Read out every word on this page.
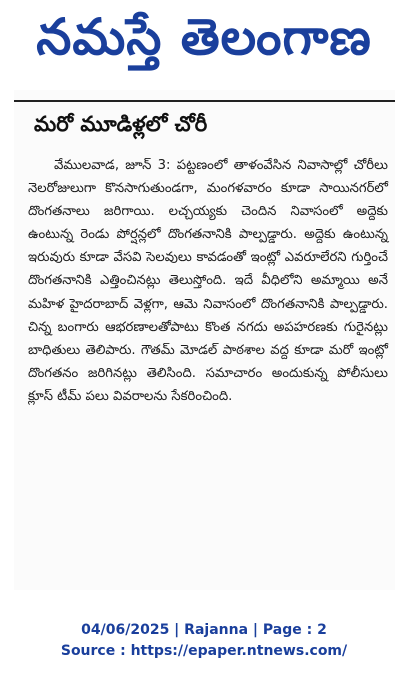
నమస్తే తెలంగాణ
మరో మూడిళ్లలో చోరీ
వేములవాడ, జూన్ 3: పట్టణంలో తాళంవేసిన నివాసాల్లో చోరీలు నెలరోజులుగా కొనసాగుతుండగా, మంగళవారం కూడా సాయినగర్‌లో దొంగతనాలు జరిగాయి. లచ్చయ్యకు చెందిన నివాసంలో అద్దెకు ఉంటున్న రెండు పోర్షన్లలో దొంగతనానికి పాల్పడ్డారు. అద్దెకు ఉంటున్న ఇరువురు కూడా వేసవి సెలవులు కావడంతో ఇంట్లో ఎవరూలేరని గుర్తించే దొంగతనానికి ఎత్తించినట్లు తెలుస్తోంది. ఇదే వీధిలోని అమ్మాయి అనే మహిళ హైదరాబాద్ వెళ్లగా, ఆమె నివాసంలో దొంగతనానికి పాల్పడ్డారు. చిన్న బంగారు ఆభరణాలతోపాటు కొంత నగదు అపహరణకు గురైనట్లు బాధితులు తెలిపారు. గౌతమ్ మోడల్ పాఠశాల వద్ద కూడా మరో ఇంట్లో దొంగతనం జరిగినట్లు తెలిసింది. సమాచారం అందుకున్న పోలీసులు క్లూస్ టీమ్ పలు వివరాలను సేకరించింది.
04/06/2025 | Rajanna | Page : 2
Source : https://epaper.ntnews.com/
